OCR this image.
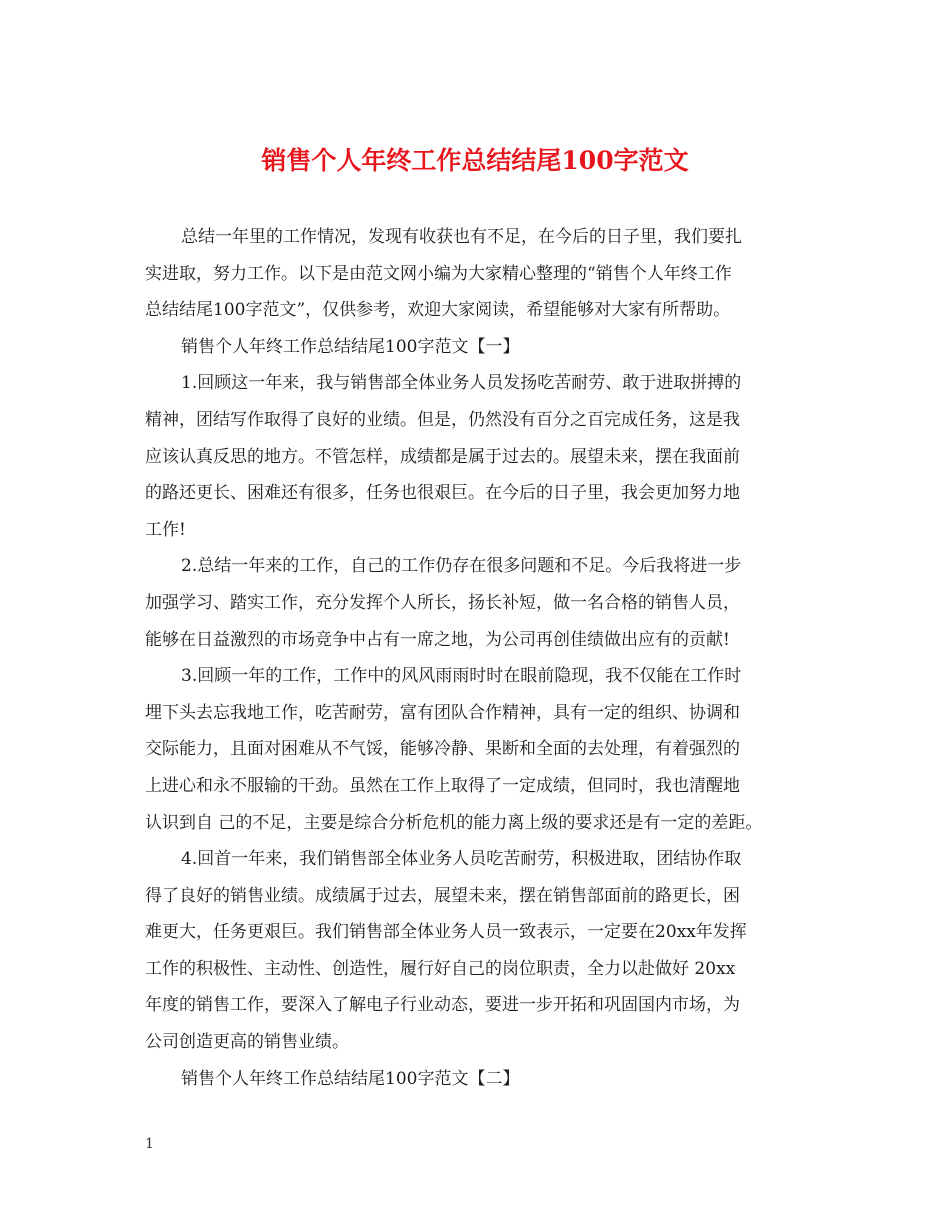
销售个人年终工作总结结尾100字范文
总结一年里的工作情况，发现有收获也有不足，在今后的日子里，我们要扎
实进取，努力工作。以下是由范文网小编为大家精心整理的“销售个人年终工作
总结结尾100字范文”，仅供参考，欢迎大家阅读，希望能够对大家有所帮助。
销售个人年终工作总结结尾100字范文【一】
1.回顾这一年来，我与销售部全体业务人员发扬吃苦耐劳、敢于进取拼搏的
精神，团结写作取得了良好的业绩。但是，仍然没有百分之百完成任务，这是我
应该认真反思的地方。不管怎样，成绩都是属于过去的。展望未来，摆在我面前
的路还更长、困难还有很多，任务也很艰巨。在今后的日子里，我会更加努力地
工作!
2.总结一年来的工作，自己的工作仍存在很多问题和不足。今后我将进一步
加强学习、踏实工作，充分发挥个人所长，扬长补短，做一名合格的销售人员，
能够在日益激烈的市场竞争中占有一席之地，为公司再创佳绩做出应有的贡献!
3.回顾一年的工作，工作中的风风雨雨时时在眼前隐现，我不仅能在工作时
埋下头去忘我地工作，吃苦耐劳，富有团队合作精神，具有一定的组织、协调和
交际能力，且面对困难从不气馁，能够冷静、果断和全面的去处理，有着强烈的
上进心和永不服输的干劲。虽然在工作上取得了一定成绩，但同时，我也清醒地
认识到自 己的不足，主要是综合分析危机的能力离上级的要求还是有一定的差距。
4.回首一年来，我们销售部全体业务人员吃苦耐劳，积极进取，团结协作取
得了良好的销售业绩。成绩属于过去，展望未来，摆在销售部面前的路更长，困
难更大，任务更艰巨。我们销售部全体业务人员一致表示，一定要在20xx年发挥
工作的积极性、主动性、创造性，履行好自己的岗位职责，全力以赴做好 20xx
年度的销售工作，要深入了解电子行业动态，要进一步开拓和巩固国内市场，为
公司创造更高的销售业绩。
销售个人年终工作总结结尾100字范文【二】
1
